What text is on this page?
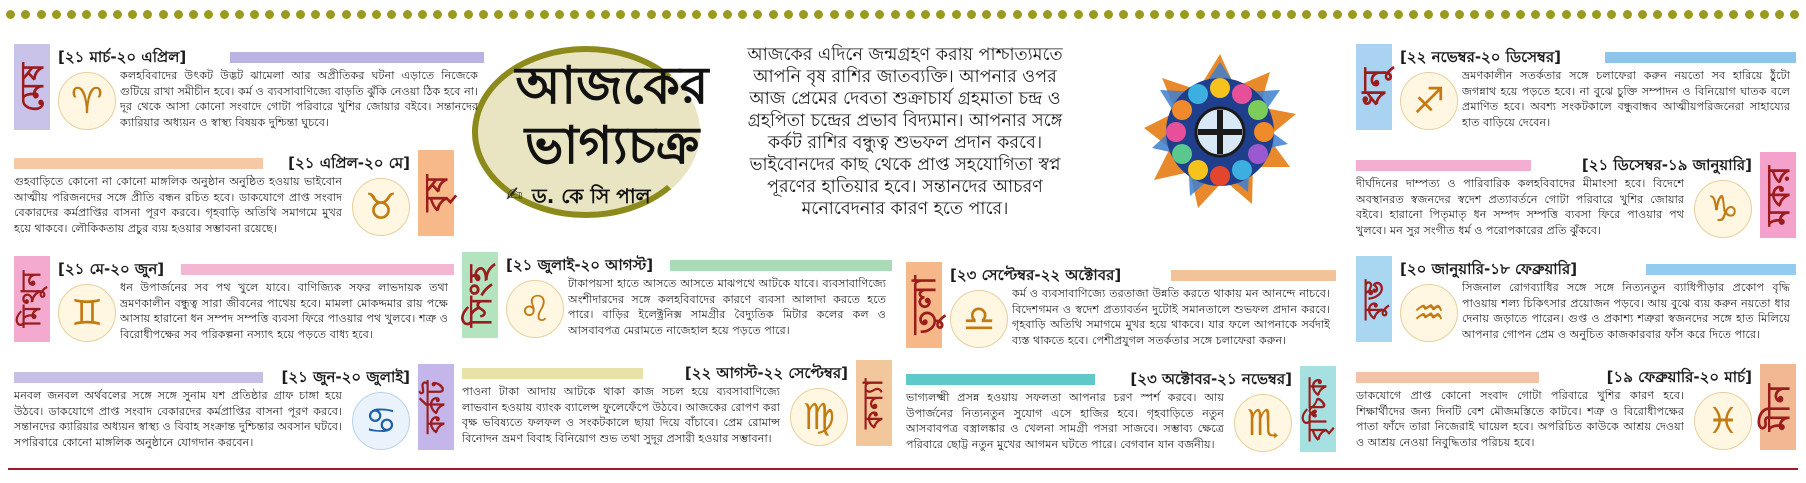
আজকের
ভাগ্যচক্র
✍ ড. কে সি পাল
আজকের এদিনে জন্মগ্রহণ করায় পাশ্চাত্যমতে আপনি বৃষ রাশির জাতব্যক্তি। আপনার ওপর আজ প্রেমের দেবতা শুক্রাচার্য গ্রহমাতা চন্দ্র ও গ্রহপিতা চন্দ্রের প্রভাব বিদ্যমান। আপনার সঙ্গে কর্কট রাশির বন্ধুত্ব শুভফল প্রদান করবে। ভাইবোনদের কাছ থেকে প্রাপ্ত সহযোগিতা স্বপ্ন পূরণের হাতিয়ার হবে। সন্তানদের আচরণ মনোবেদনার কারণ হতে পারে।
মেষ
[২১ মার্চ-২০ এপ্রিল]
♈
কলহবিবাদের উৎকট উদ্ভট ঝামেলা আর অপ্রীতিকর ঘটনা এড়াতে নিজেকে গুটিয়ে রাখা সমীচীন হবে। কর্ম ও ব্যবসাবাণিজ্যে বাড়তি ঝুঁকি নেওয়া ঠিক হবে না। দূর থেকে আসা কোনো সংবাদে গোটা পরিবারে খুশির জোয়ার বইবে। সন্তানদের ক্যারিয়ার অধ্যয়ন ও স্বাস্থ্য বিষয়ক দুশ্চিন্তা ঘুচবে।
বৃষ
[২১ এপ্রিল-২০ মে]
♉
গুহবাড়িতে কোনো না কোনো মাঙ্গলিক অনুষ্ঠান অনুষ্ঠিত হওয়ায় ভাইবোন আত্মীয় পরিজনদের সঙ্গে প্রীতি বন্ধন রচিত হবে। ডাকযোগে প্রাপ্ত সংবাদ বেকারদের কর্মপ্রাপ্তির বাসনা পূরণ করবে। গৃহবাড়ি অতিথি সমাগমে মুখর হয়ে থাকবে। লৌকিকতায় প্রচুর ব্যয় হওয়ার সম্ভাবনা রয়েছে।
মিথুন
[২১ মে-২০ জুন]
♊
ধন উপার্জনের সব পথ খুলে যাবে। বাণিজ্যিক সফর লাভদায়ক তথা ভ্রমণকালীন বন্ধুত্ব সারা জীবনের পাথেয় হবে। মামলা মোকদ্দমার রায় পক্ষে আসায় হারানো ধন সম্পদ সম্পত্তি ব্যবসা ফিরে পাওয়ার পথ খুলবে। শত্রু ও বিরোধীপক্ষের সব পরিকল্পনা নস্যাৎ হয়ে পড়তে বাধ্য হবে।
কর্কট
[২১ জুন-২০ জুলাই]
♋
মনবল জনবল অর্থবলের সঙ্গে সঙ্গে সুনাম যশ প্রতিষ্ঠার গ্রাফ চাঙ্গা হয়ে উঠবে। ডাকযোগে প্রাপ্ত সংবাদ বেকারদের কর্মপ্রাপ্তির বাসনা পূরণ করবে। সন্তানদের ক্যারিয়ার অধ্যয়ন স্বাস্থ্য ও বিবাহ সংক্রান্ত দুশ্চিন্তার অবসান ঘটবে। সপরিবারে কোনো মাঙ্গলিক অনুষ্ঠানে যোগদান করবেন।
সিংহ [২১ জুলাই-২০ আগস্ট]
♌
টাকাপয়সা হাতে আসতে আসতে মাঝপথে আটকে যাবে। ব্যবসাবাণিজ্যে অংশীদারদের সঙ্গে কলহবিবাদের কারণে ব্যবসা আলাদা করতে হতে পারে। বাড়ির ইলেক্ট্রনিক্স সামগ্রীর বৈদ্যুতিক মিটার কলের কল ও আসবাবপত্র মেরামতে নাজেহাল হয়ে পড়তে পারে।
কন্যা
[২২ আগস্ট-২২ সেপ্টেম্বর]
♍
পাওনা টাকা আদায় আটকে থাকা কাজ সচল হয়ে ব্যবসাবাণিজ্যে লাভবান হওয়ায় ব্যাংক ব্যালেন্স ফুলেফেঁপে উঠবে। আজকের রোপণ করা বৃক্ষ ভবিষ্যতে ফলফল ও সংকটকালে ছায়া দিয়ে বাঁচাবে। প্রেম রোমান্স বিনোদন ভ্রমণ বিবাহ বিনিয়োগ শুভ তথা সুদূর প্রসারী হওয়ার সম্ভাবনা।
তুলা
[২৩ সেপ্টেম্বর-২২ অক্টোবর]
♎
কর্ম ও ব্যবসাবাণিজ্যে তরতাজা উন্নতি করতে থাকায় মন আনন্দে নাচবে। বিদেশগমন ও স্বদেশ প্রত্যাবর্তন দুটোই সমানতালে শুভফল প্রদান করবে। গৃহবাড়ি অতিথি সমাগমে মুখর হয়ে থাকবে। যার ফলে আপনাকে সর্বদাই ব্যস্ত থাকতে হবে। পেশীপ্রযুগল সতর্কতার সঙ্গে চলাফেরা করুন।
বৃশ্চিক
[২৩ অক্টোবর-২১ নভেম্বর]
♏
ভাগ্যলক্ষ্মী প্রসন্ন হওয়ায় সফলতা আপনার চরণ স্পর্শ করবে। আয় উপার্জনের নিত্যনতুন সুযোগ এসে হাজির হবে। গৃহবাড়িতে নতুন আসবাবপত্র বস্ত্রালঙ্কার ও খেলনা সামগ্রী পসরা সাজবে। সম্ভাব্য ক্ষেত্রে পরিবারে ছোট্ট নতুন মুখের আগমন ঘটতে পারে। বেগবান যান বর্জনীয়।
ধনু
[২২ নভেম্বর-২০ ডিসেম্বর]
♐
ভ্রমণকালীন সতর্কতার সঙ্গে চলাফেরা করুন নয়তো সব হারিয়ে ঠুঁটো জগন্নাথ হয়ে পড়তে হবে। না বুঝে চুক্তি সম্পাদন ও বিনিয়োগ ঘাতক বলে প্রমাণিত হবে। অবশ্য সংকটকালে বন্ধুবান্ধব আত্মীয়পরিজনেরা সাহায্যের হাত বাড়িয়ে দেবেন।
মকর
[২১ ডিসেম্বর-১৯ জানুয়ারি]
♑
দীর্ঘদিনের দাম্পত্য ও পারিবারিক কলহবিবাদের মীমাংসা হবে। বিদেশে অবস্থানরত স্বজনদের স্বদেশ প্রত্যাবর্তনে গোটা পরিবারে খুশির জোয়ার বইবে। হারানো পিতৃমাতৃ ধন সম্পদ সম্পত্তি ব্যবসা ফিরে পাওয়ার পথ খুলবে। মন সুর সংগীত ধর্ম ও পরোপকারের প্রতি ঝুঁকবে।
কুম্ভ
[২০ জানুয়ারি-১৮ ফেব্রুয়ারি]
♒
সিজনাল রোগব্যাধির সঙ্গে সঙ্গে নিত্যনতুন ব্যাধিপীড়ার প্রকোপ বৃদ্ধি পাওয়ায় শল্য চিকিৎসার প্রয়োজন পড়বে। আয় বুঝে ব্যয় করুন নয়তো ধার দেনায় জড়াতে পারেন। গুপ্ত ও প্রকাশ্য শত্রুরা স্বজনদের সঙ্গে হাত মিলিয়ে আপনার গোপন প্রেম ও অনুচিত কাজকারবার ফাঁস করে দিতে পারে।
মীন
[১৯ ফেব্রুয়ারি-২০ মার্চ]
♓
ডাকযোগে প্রাপ্ত কোনো সংবাদ গোটা পরিবারে খুশির কারণ হবে। শিক্ষার্থীদের জন্য দিনটি বেশ মৌজমস্তিতে কাটবে। শত্রু ও বিরোধীপক্ষের পাতা ফাঁদে তারা নিজেরাই ঘায়েল হবে। অপরিচিত কাউকে আশ্রয় দেওয়া ও আশ্রয় নেওয়া নিবুদ্ধিতার পরিচয় হবে।
